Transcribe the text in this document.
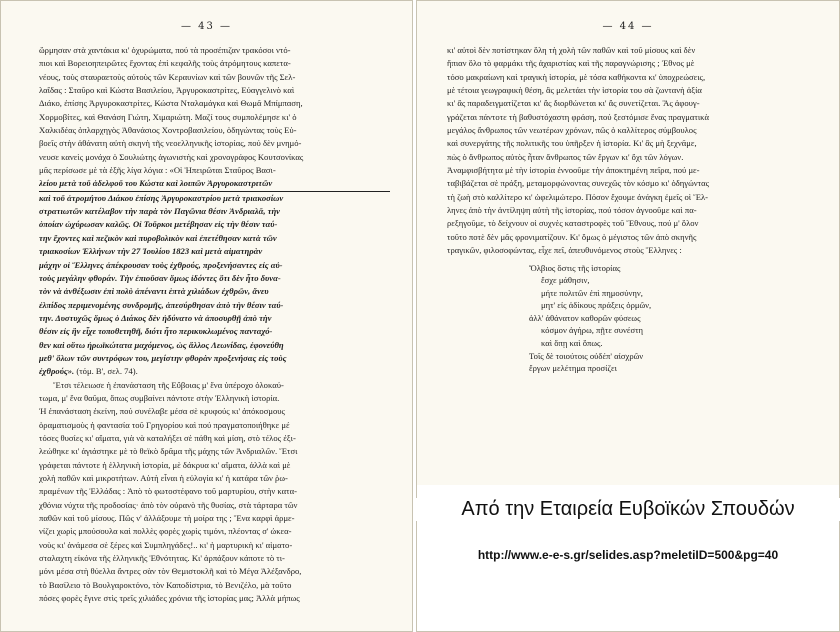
— 43 —
ὥρμησαν στὰ χαντάκια κι' ὀχυρώματα, πού τὰ προσέπιζαν τρακόσοι ντό-
πιοι καὶ Βορειοηπειρῶτες ἔχοντας ἐπὶ κεφαλῆς τοὺς ἀτρόμητους καπετα-
νέους, τοὺς σταυραετοὺς αὐτοὺς τῶν Κεραυνίων καὶ τῶν βουνῶν τῆς Σελ-
λαΐδας : Σταῦρο καὶ Κώστα Βασιλείου, Ἀργυροκαστρίτες, Εὐαγγελινὸ καὶ
Διάκο, ἐπίσης Ἀργυροκαστρίτες, Κώστα Νταλαμάγκα καὶ Θωμᾶ Μπίμπαση,
Χορμοβίτες, καὶ Θανάση Γιώτη, Χιμαριώτη. Μαζί τους συμπολέμησε κι' ὁ
Χαλκιδέας ὁπλαρχηγὸς Ἀθανάσιος Χοντροβασιλείου, ὁδηγώντας τοὺς Εὐ-
βοεῖς στὴν ἀθάνατη αὐτὴ σκηνὴ τῆς νεοελληνικῆς ἱστορίας, πού δὲν μνημό-
νευσε κανεὶς μονάχα ὁ Σουλιώτης ἀγωνιστὴς καὶ χρονογράφος Κουτσονίκας
μᾶς περίσωσε μὲ τὰ ἑξῆς λίγα λόγια : «Οἱ Ἠπειρῶται Σταῦρος Βασι-
λείου μετὰ τοῦ ἀδελφοῦ του Κώστα καὶ λοιπῶν Ἀργυροκαστριτῶν
καὶ τοῦ ἀτρομήτου Διάκου ἐπίσης Ἀργυροκαστρίου μετὰ τριακοσίων
στρατιωτῶν κατέλαβον τὴν παρὰ τὸν Παγῶνια θέσιν Ἀνδριαλᾶ, τὴν
ὁποίαν ὠχύρωσαν καλῶς. Οἱ Τοῦρκοι μετέβησαν εἰς τὴν θέσιν ταύ-
την ἔχοντες καὶ πεζικὸν καὶ πυροβολικὸν καὶ ἐπετέθησαν κατὰ τῶν
τριακοσίων Ἑλλήνων τὴν 27 Ἰουλίου 1823 καὶ μετὰ αἱματηρὰν
μάχην οἱ Ἕλληνες ἀπέκρουσαν τοὺς ἐχθρούς, προξενήσαντες εἰς αὐ-
τοὺς μεγάλην φθοράν. Τὴν ἐπιοῦσαν ὅμως ἰδόντες ὅτι δὲν ἦτο δυνα-
τὸν νὰ ἀνθέξωσιν ἐπὶ πολὺ ἀπέναντι ἑπτὰ χιλιάδων ἐχθρῶν, ἄνευ
ἐλπίδος περιμενομένης συνδρομῆς, ἀπεσύρθησαν ἀπὸ τὴν θέσιν ταύ-
την. Δυστυχῶς ὅμως ὁ Διάκος δὲν ἠδύνατο νὰ ἀποσυρθῇ ἀπὸ τὴν
θέσιν εἰς ἣν εἶχε τοποθετηθῆ, διότι ἦτο περικυκλωμένος πανταχό-
θεν καὶ οὕτω ἠρωϊκώτατα μαχόμενος, ὡς ἄλλος Λεωνίδας, ἐφονεύθη
μεθ' ὅλων τῶν συντρόφων του, μεγίστην φθορὰν προξενήσας εἰς τοὺς
ἐχθρούς». (τόμ. Β', σελ. 74).
Ἔτσι τέλειωσε ἡ ἐπανάσταση τῆς Εὔβοιας μ' ἕνα ὑπέροχο ὁλοκαύ-
τωμα, μ' ἕνα θαῦμα, ὅπως συμβαίνει πάντοτε στὴν Ἑλληνικὴ ἱστορία.
Ἡ ἐπανάσταση ἐκείνη, πού συνέλαβε μέσα σὲ κρυφούς κι' ἀπόκοσμους
ὁραματισμοὺς ἡ φαντασία τοῦ Γρηγορίου καὶ πού πραγματοποιήθηκε μέ
τόσες θυσίες κι' αἵματα, γιὰ νὰ καταλήξει σὲ πάθη καὶ μίση, στὸ τέλος ἐξι-
λεώθηκε κι' ἀγιάστηκε μὲ τὸ θεϊκὸ δρᾶμα τῆς μάχης τῶν Ἀνδριαλῶν. Ἔτσι
γράφεται πάντοτε ἡ ἑλληνικὴ ἱστορία, μὲ δάκρυα κι' αἵματα, ἀλλὰ καὶ μὲ
χολὴ παθῶν καὶ μικροτήτων. Αὐτὴ εἶναι ἡ εὐλογία κι' ἡ κατάρα τῶν ῥω-
πραμένων τῆς Ἑλλάδας : Ἀπὸ τὸ φωτοστέφανο τοῦ μαρτυρίου, στὴν κατα-
χθόνια νύχτα τῆς προδοσίας· ἀπὸ τὸν οὐρανὸ τῆς θυσίας, στὰ τάρταρα τῶν
παθῶν καὶ τοῦ μίσους. Πῶς ν' ἀλλάξουμε τὴ μοίρα της ; Ἕνα καρφὶ ἀρμε-
νίζει χωρὶς μπούσουλα καὶ πολλὲς φορὲς χωρὶς τιμόνι, πλέοντας σ' ὠκεα-
νοὺς κι' ἀνάμεσα σὲ ξέρες καὶ Συμπληγάδες!.. κι' ἡ μαρτυρικὴ κι' αἱματο-
σταλαχτη εἰκόνα τῆς ἑλληνικῆς Ἑθνότητας. Κι' ἀρπάξουν κάποτε τὸ τι-
μόνι μέσα στὴ θύελλα ἄντρες σὰν τὸν Θεμιστοκλῆ καὶ τὸ Μέγα Ἀλέξανδρο,
τὸ Βασίλειο τὸ Βουλγαροκτόνο, τὸν Καποδίστρια, τὸ Βενιζέλο, μὰ τοῦτο
πόσες φορὲς ἔγινε στὶς τρεῖς χιλιάδες χρόνια τῆς ἱστορίας μας; Ἀλλὰ μήπως
— 44 —
κι' αὐτοὶ δὲν ποτίστηκαν ὅλη τὴ χολὴ τῶν παθῶν καὶ τοῦ μίσους καὶ δὲν
ἤπιαν ὅλο τὸ φαρμάκι τῆς ἀχαριστίας καὶ τῆς παραγνώρισης ; Ἐθνος μὲ
τόσο μακραίωνη καὶ τραγικὴ ἱστορία, μὲ τόσα καθήκοντα κι' ὑποχρεώσεις,
μὲ τέτοια γεωγραφικὴ θέση, ἂς μελετάει τὴν ἱστορία του σὰ ζωντανὴ ἀξία
κι' ἂς παραδειγματίζεται κι' ἂς διορθώνεται κι' ἂς συνετίζεται. Ἂς ἀφουγ-
γράζεται πάντοτε τὴ βαθυστόχαστη φράση, πού ξεστόμισε ἕνας πραγματικὰ
μεγάλος ἄνθρωπος τῶν νεωτέρων χρόνων, πῶς ὁ καλλίτερος σύμβουλος
καὶ συνεργάτης τῆς πολιτικῆς του ὑπῆρξεν ἡ ἱστορία. Κι' ἂς μὴ ξεχνᾶμε,
πὼς ὁ ἄνθρωπος αὐτὸς ἦταν ἄνθρωπος τῶν ἔργων κι' ὄχι τῶν λόγων.
Ἀναμφισβήτητα μὲ τὴν ἱστορία ἐννοοῦμε τὴν ἀποκτημένη πεῖρα, πού με-
ταβιβάζεται σὲ πράξη, μεταμορφώνοντας συνεχῶς τὸν κόσμο κι' ὁδηγώντας
τὴ ζωὴ στὸ καλλίτερο κι' ὠφελιμώτερο. Πόσον ἔχουμε ἀνάγκη ἐμεῖς οἱ Ἕλ-
ληνες ἀπὸ τὴν ἀντίληψη αὐτὴ τῆς ἱστορίας, πού τόσον ἀγνοοῦμε καὶ πα-
ρεξηγοῦμε, τὸ δείχνουν οἱ συχνὲς καταστροφὲς τοῦ Ἔθνους, πού μ' ὅλον
τοῦτο ποτὲ δὲν μᾶς φρονιματίζουν. Κι' ὅμως ὁ μέγιστος τῶν ἀπὸ σκηνῆς
τραγικῶν, φιλοσοφώντας, εἶχε πεῖ, ἀπευθυνόμενος στοὺς Ἕλληνες :
Ὄλβιος ὅστις τῆς ἱστορίας
ἔσχε μάθησιν,
μήτε πολιτῶν ἐπὶ πημοσύνην,
μητ' εἰς ἀδίκους πράξεις ὁρμῶν,
ἀλλ' ἀθάνατον καθορῶν φύσεως
κόσμον ἀγήρω, πῇτε συνέστη
καὶ ὅπῃ καὶ ὅπως.
Τοῖς δὲ τοιούτοις οὐδέπ' αἰσχρῶν
ἔργων μελέτημα προσίζει
Από την Εταιρεία Ευβοϊκών Σπουδών
http://www.e-e-s.gr/selides.asp?meletiID=500&pg=40
